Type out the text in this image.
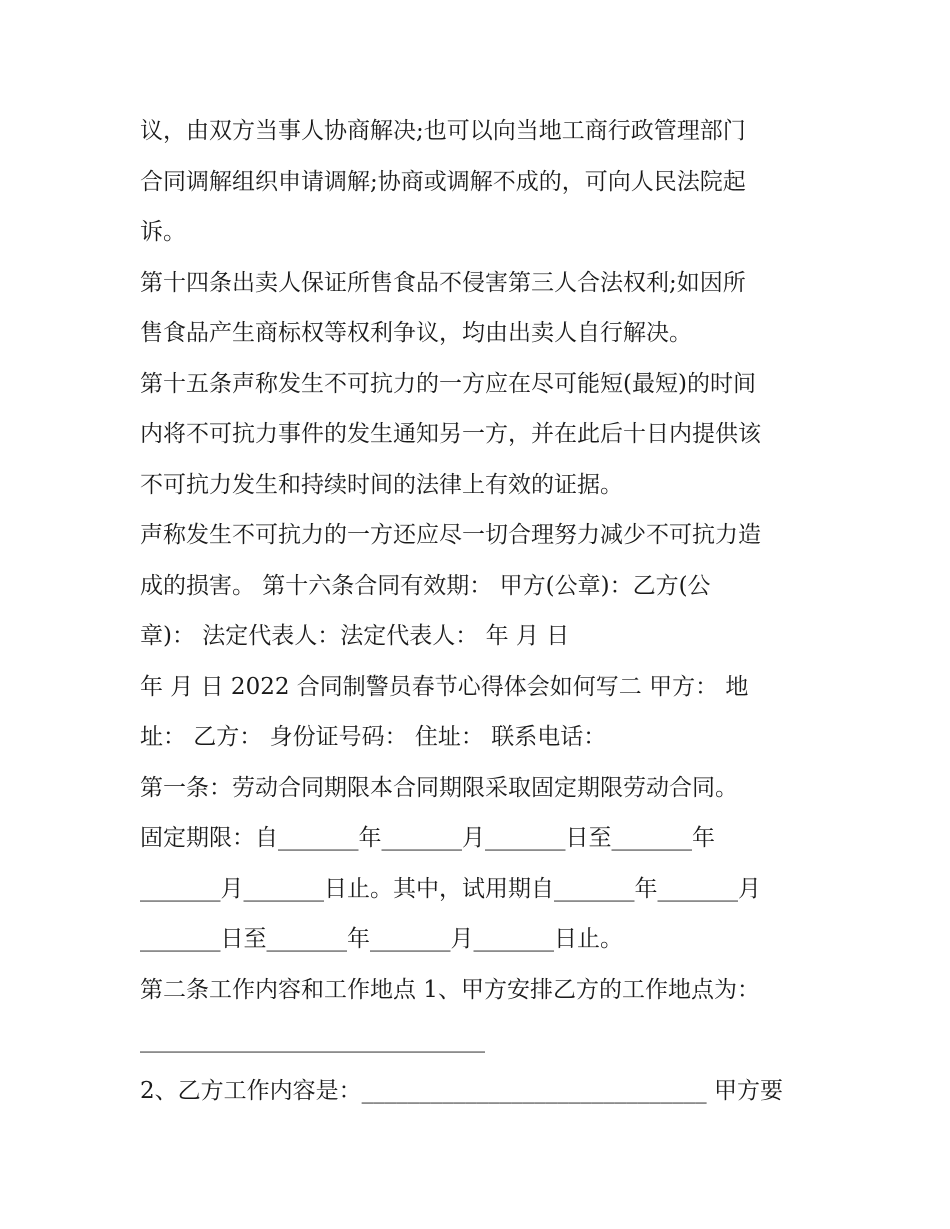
议，由双方当事人协商解决;也可以向当地工商行政管理部门
合同调解组织申请调解;协商或调解不成的，可向人民法院起
诉。
第十四条出卖人保证所售食品不侵害第三人合法权利;如因所
售食品产生商标权等权利争议，均由出卖人自行解决。
第十五条声称发生不可抗力的一方应在尽可能短(最短)的时间
内将不可抗力事件的发生通知另一方，并在此后十日内提供该
不可抗力发生和持续时间的法律上有效的证据。
声称发生不可抗力的一方还应尽一切合理努力减少不可抗力造
成的损害。 第十六条合同有效期： 甲方(公章)：乙方(公
章)： 法定代表人：法定代表人： 年 月 日
年 月 日 2022 合同制警员春节心得体会如何写二 甲方： 地
址： 乙方： 身份证号码： 住址： 联系电话：
第一条：劳动合同期限本合同期限采取固定期限劳动合同。
固定期限：自_______年_______月_______日至_______年
_______月_______日止。其中，试用期自_______年_______月
_______日至_______年_______月_______日止。
第二条工作内容和工作地点 1、甲方安排乙方的工作地点为：
______________________________
2、乙方工作内容是：______________________________ 甲方要
